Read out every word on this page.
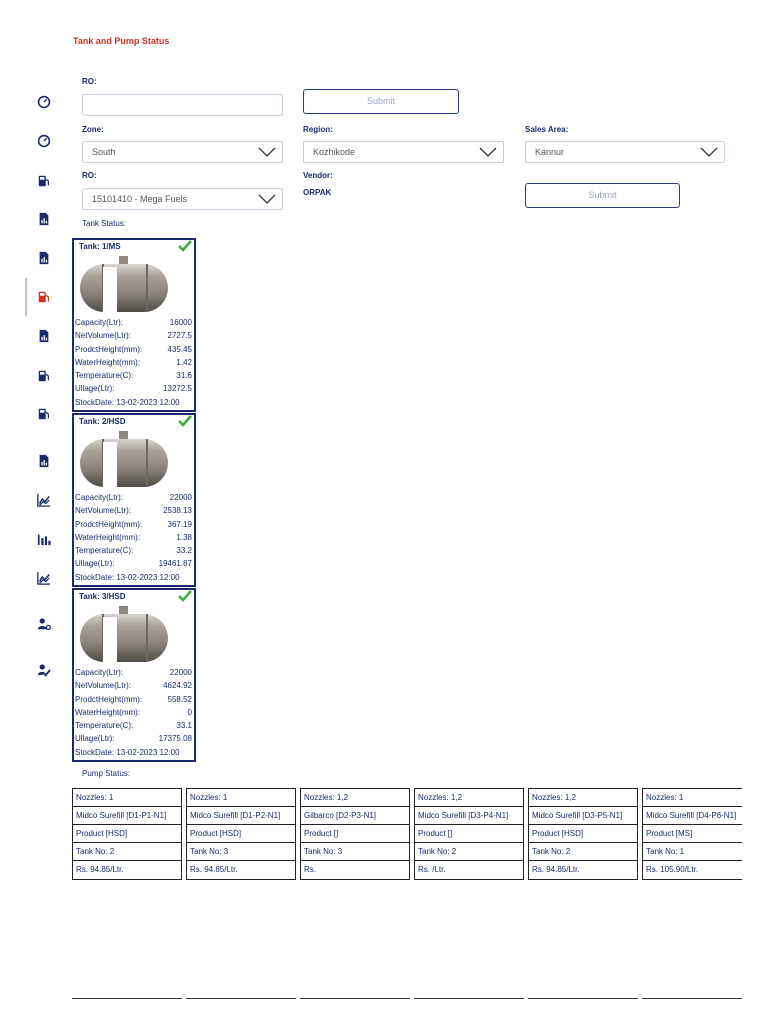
Tank and Pump Status
RO:
Submit
Zone:
South
Region:
Kozhikode
Sales Area:
Kannur
RO:
15101410 - Mega Fuels
Vendor:
ORPAK	Submit
Tank Status:
Tank: 1/MS
Capacity(Ltr):	16000
NetVolume(Ltr):	2727.5
ProdctHeight(mm):	435.45
WaterHeight(mm):	1.42
Temperature(C):	31.6
Ullage(Ltr):	13272.5
StockDate: 13-02-2023 12:00
Tank: 2/HSD
Capacity(Ltr):	22000
NetVolume(Ltr):	2538.13
ProdctHeight(mm):	367.19
WaterHeight(mm):	1.38
Temperature(C):	33.2
Ullage(Ltr):	19461.87
StockDate: 13-02-2023 12:00
Tank: 3/HSD
Capacity(Ltr):	22000
NetVolume(Ltr):	4624.92
ProdctHeight(mm):	558.52
WaterHeight(mm):	0
Temperature(C):	33.1
Ullage(Ltr):	17375.08
StockDate: 13-02-2023 12:00
Pump Status:
Nozzles: 1
Midco Surefill [D1-P1-N1]
Product [HSD]
Tank No: 2
Rs. 94.85/Ltr.
Nozzles: 1
Midco Surefill [D1-P2-N1]
Product [HSD]
Tank No: 3
Rs. 94.85/Ltr.
Nozzles: 1,2
Gilbarco [D2-P3-N1]
Product []
Tank No: 3
Rs.
Nozzles: 1,2
Midco Surefill [D3-P4-N1]
Product []
Tank No: 2
Rs. /Ltr.
Nozzles: 1,2
Midco Surefill [D3-P5-N1]
Product [HSD]
Tank No: 2
Rs. 94.85/Ltr.
Nozzles: 1
Midco Surefill [D4-P6-N1]
Product [MS]
Tank No: 1
Rs. 105.90/Ltr.
